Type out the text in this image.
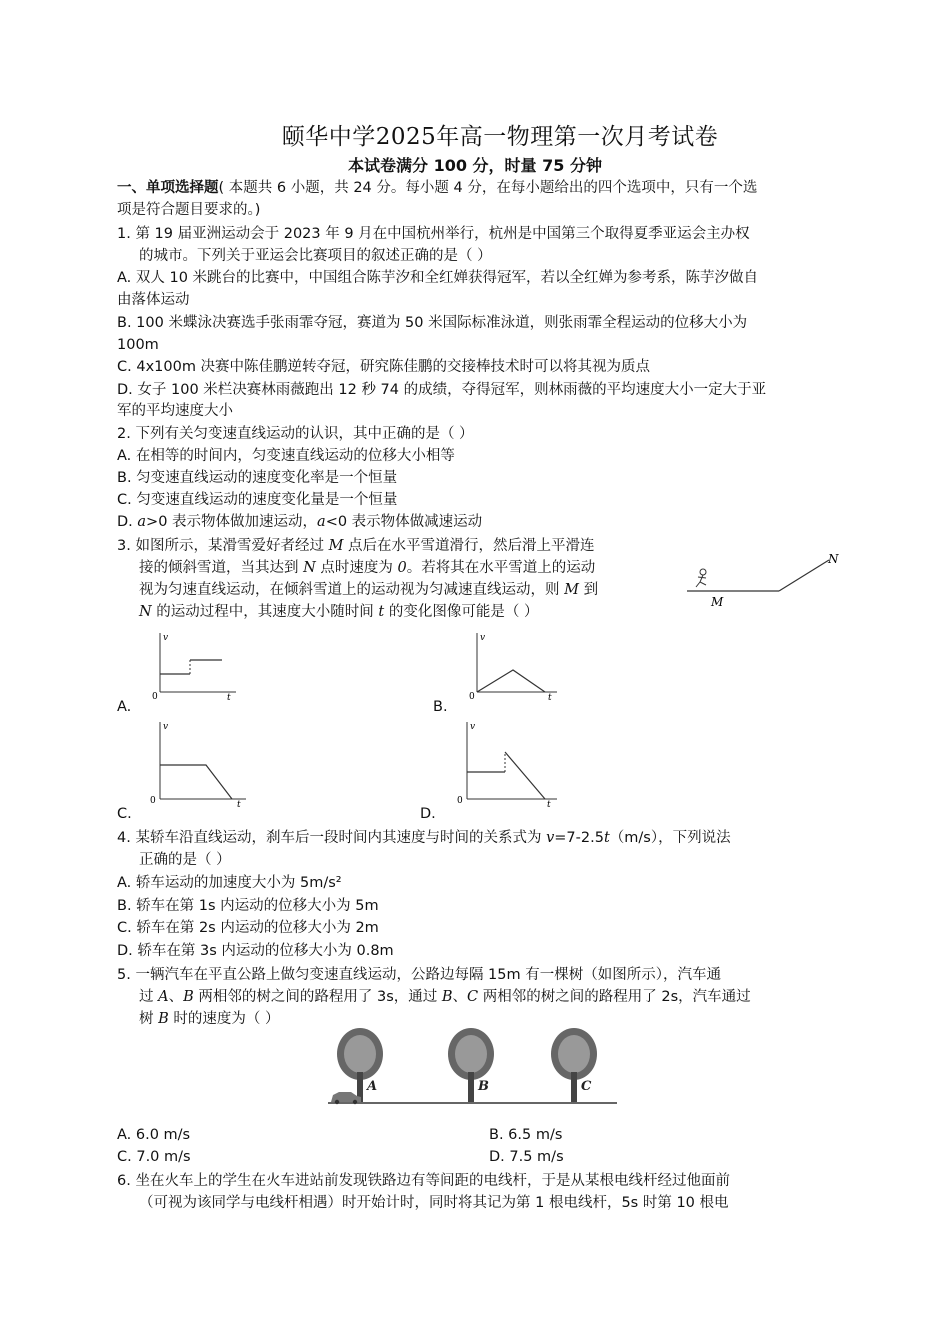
颐华中学2025年高一物理第一次月考试卷
本试卷满分 100 分，时量 75 分钟
一、单项选择题( 本题共 6 小题，共 24 分。每小题 4 分，在每小题给出的四个选项中，只有一个选
项是符合题目要求的。)
1. 第 19 届亚洲运动会于 2023 年 9 月在中国杭州举行，杭州是中国第三个取得夏季亚运会主办权
的城市。下列关于亚运会比赛项目的叙述正确的是（ ）
A. 双人 10 米跳台的比赛中，中国组合陈芋汐和全红婵获得冠军，若以全红婵为参考系，陈芋汐做自
由落体运动
B. 100 米蝶泳决赛选手张雨霏夺冠，赛道为 50 米国际标准泳道，则张雨霏全程运动的位移大小为
100m
C. 4x100m 决赛中陈佳鹏逆转夺冠，研究陈佳鹏的交接棒技术时可以将其视为质点
D. 女子 100 米栏决赛林雨薇跑出 12 秒 74 的成绩，夺得冠军，则林雨薇的平均速度大小一定大于亚
军的平均速度大小
2. 下列有关匀变速直线运动的认识，其中正确的是（ ）
A. 在相等的时间内，匀变速直线运动的位移大小相等
B. 匀变速直线运动的速度变化率是一个恒量
C. 匀变速直线运动的速度变化量是一个恒量
D. a>0 表示物体做加速运动，a<0 表示物体做减速运动
3. 如图所示，某滑雪爱好者经过 M 点后在水平雪道滑行，然后滑上平滑连
接的倾斜雪道，当其达到 N 点时速度为 0。若将其在水平雪道上的运动
视为匀速直线运动，在倾斜雪道上的运动视为匀减速直线运动，则 M 到
N 的运动过程中，其速度大小随时间 t 的变化图像可能是（ ）
M
N
v
t
0
A.
v
t
0
B.
v
t
0
C.
v
t
0
D.
4. 某轿车沿直线运动，刹车后一段时间内其速度与时间的关系式为 v=7-2.5t（m/s），下列说法
正确的是（ ）
A. 轿车运动的加速度大小为 5m/s²
B. 轿车在第 1s 内运动的位移大小为 5m
C. 轿车在第 2s 内运动的位移大小为 2m
D. 轿车在第 3s 内运动的位移大小为 0.8m
5. 一辆汽车在平直公路上做匀变速直线运动，公路边每隔 15m 有一棵树（如图所示），汽车通
过 A、B 两相邻的树之间的路程用了 3s，通过 B、C 两相邻的树之间的路程用了 2s，汽车通过
树 B 时的速度为（ ）
A	B	C
A. 6.0 m/s	B. 6.5 m/s
C. 7.0 m/s	D. 7.5 m/s
6. 坐在火车上的学生在火车进站前发现铁路边有等间距的电线杆，于是从某根电线杆经过他面前
（可视为该同学与电线杆相遇）时开始计时，同时将其记为第 1 根电线杆，5s 时第 10 根电
